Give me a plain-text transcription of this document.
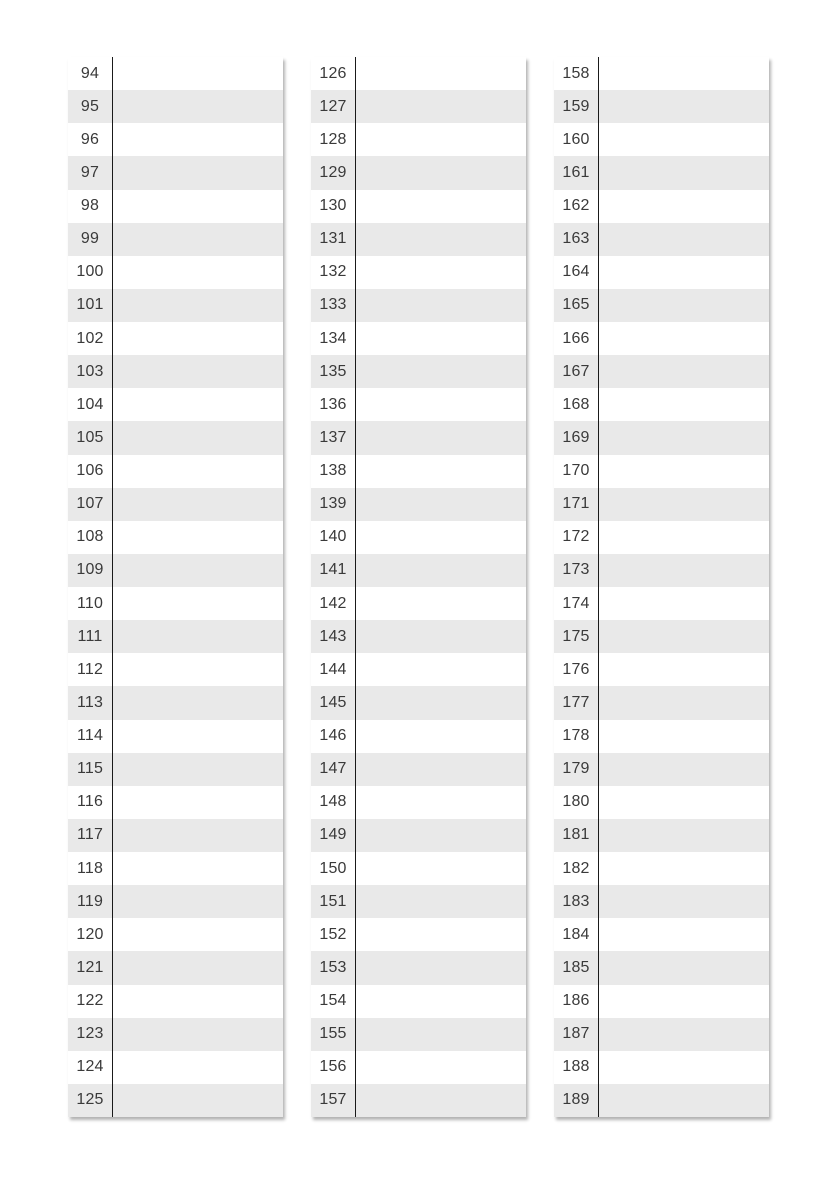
94
95
96
97
98
99
100
101
102
103
104
105
106
107
108
109
110
111
112
113
114
115
116
117
118
119
120
121
122
123
124
125
126
127
128
129
130
131
132
133
134
135
136
137
138
139
140
141
142
143
144
145
146
147
148
149
150
151
152
153
154
155
156
157
158
159
160
161
162
163
164
165
166
167
168
169
170
171
172
173
174
175
176
177
178
179
180
181
182
183
184
185
186
187
188
189
